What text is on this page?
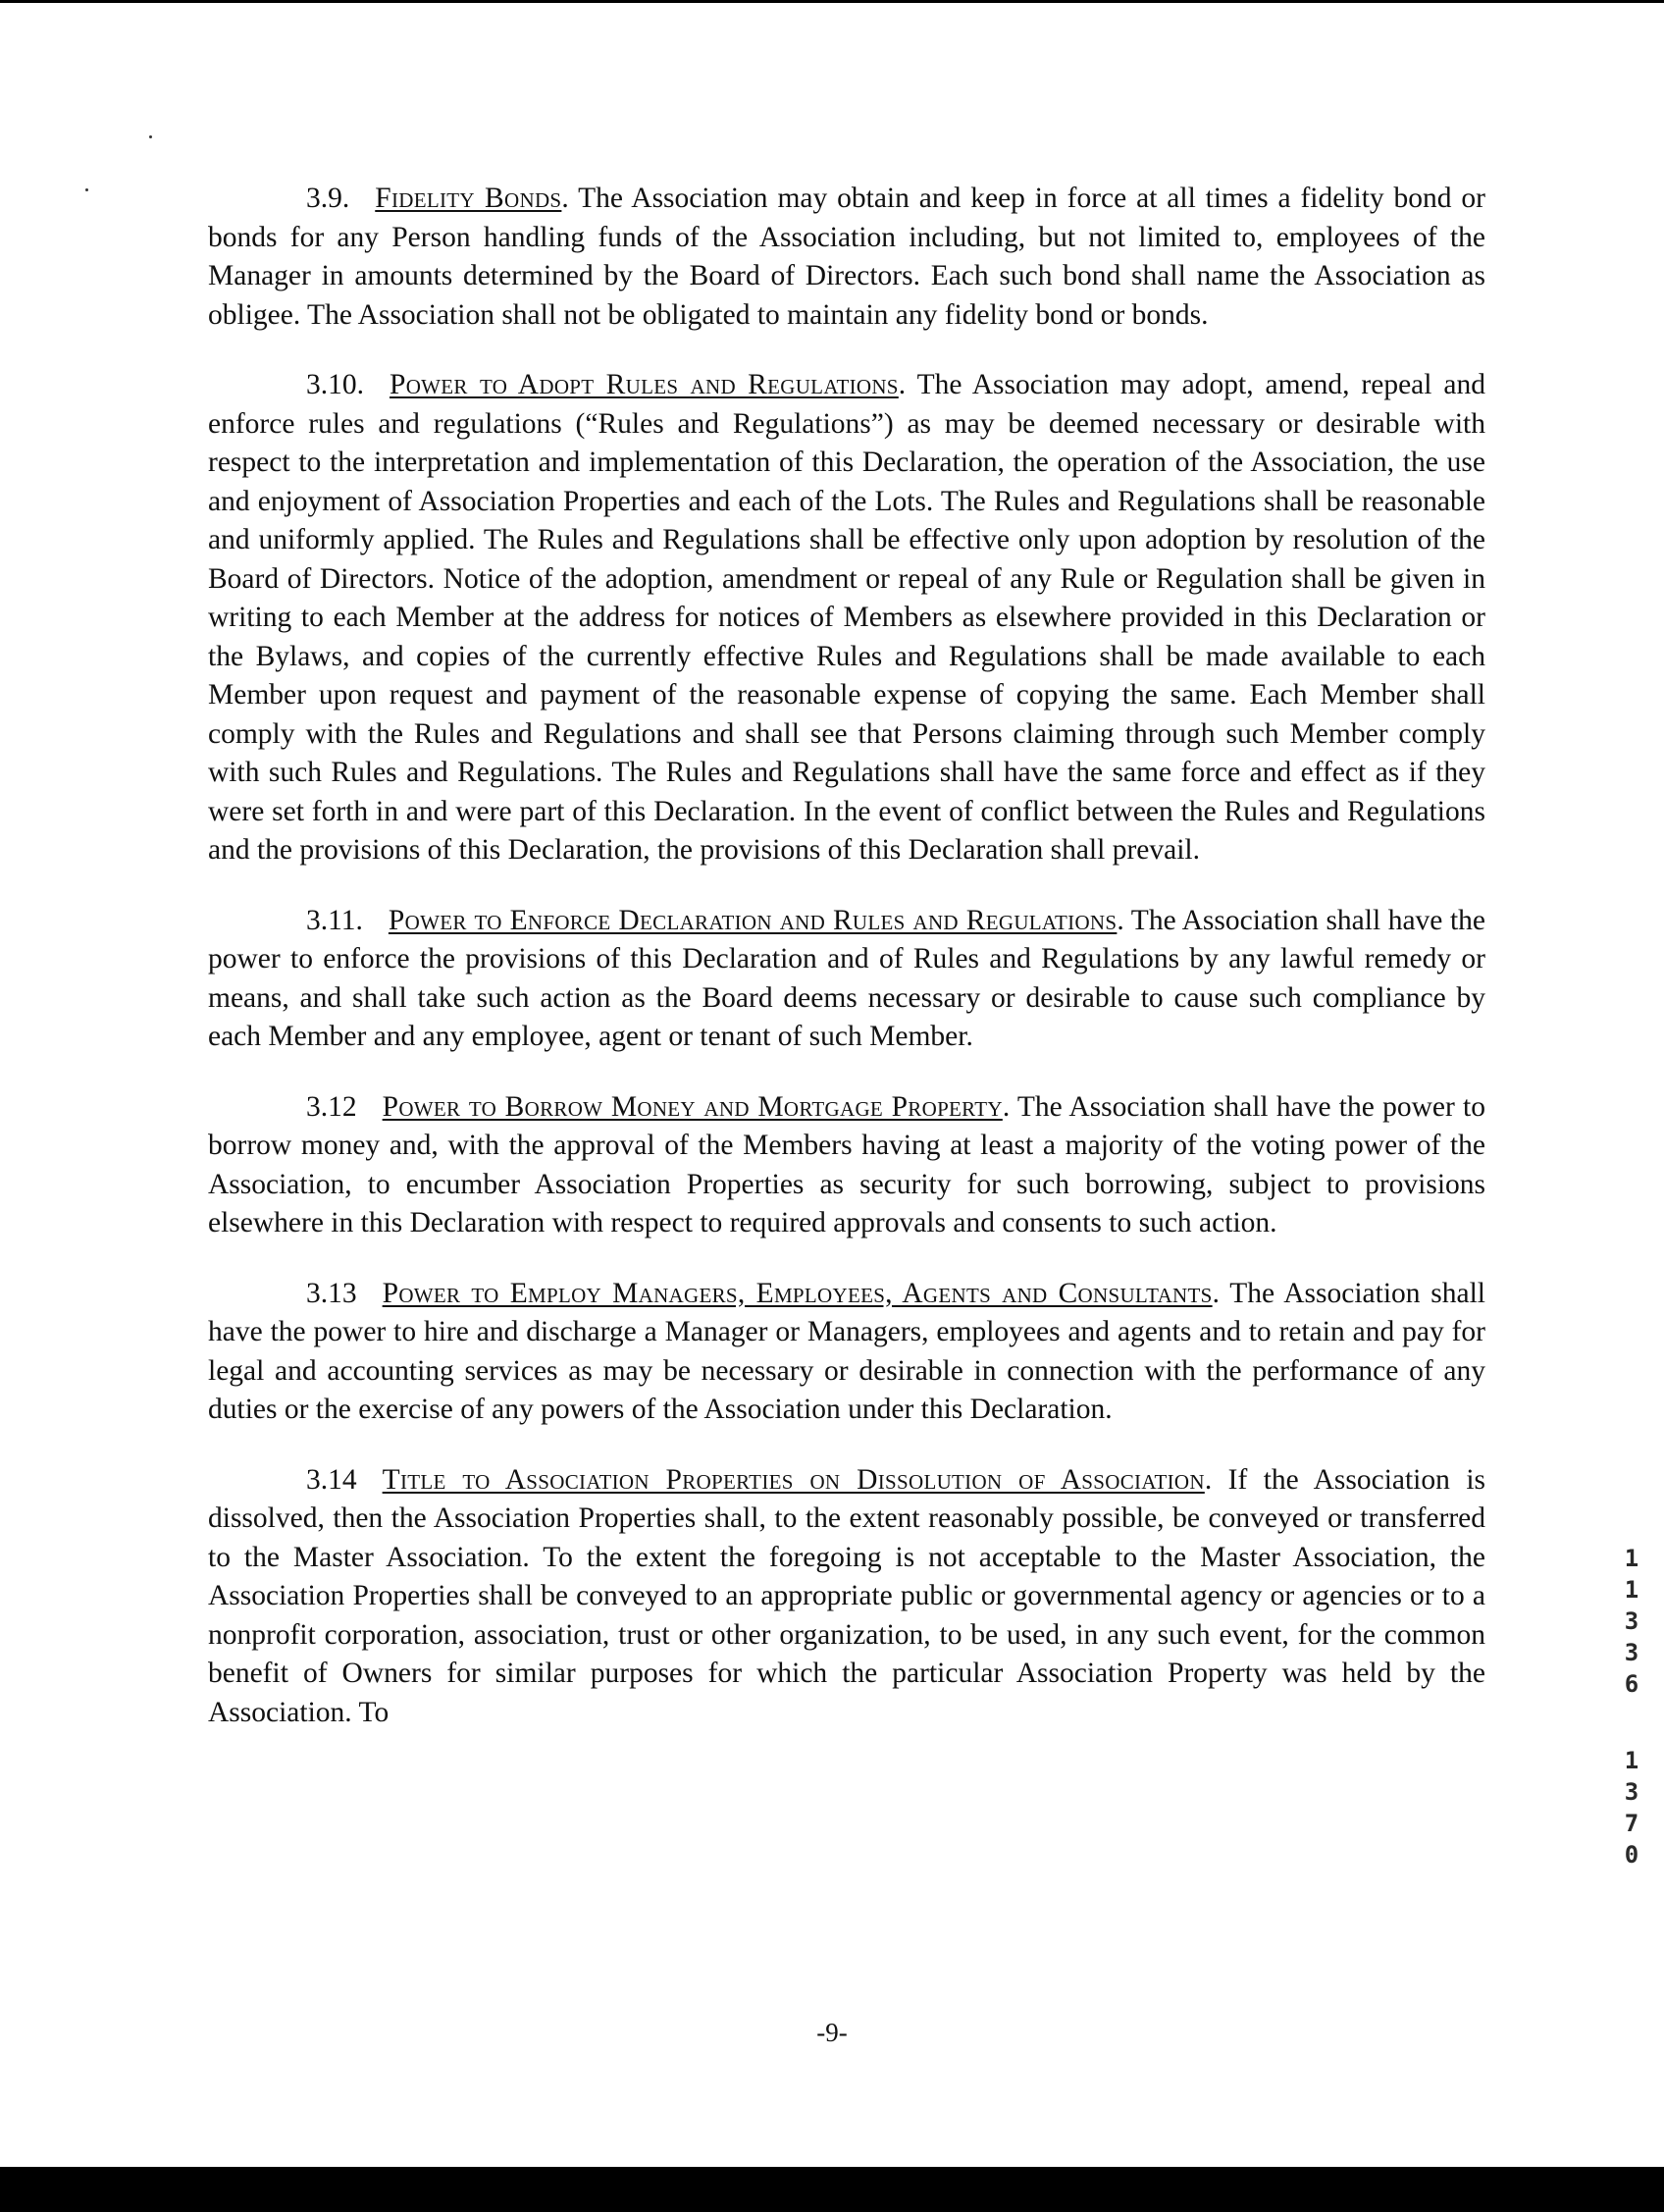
3.9. Fidelity Bonds. The Association may obtain and keep in force at all times a fidelity bond or bonds for any Person handling funds of the Association including, but not limited to, employees of the Manager in amounts determined by the Board of Directors. Each such bond shall name the Association as obligee. The Association shall not be obligated to maintain any fidelity bond or bonds.

3.10. Power to Adopt Rules and Regulations. The Association may adopt, amend, repeal and enforce rules and regulations (“Rules and Regulations”) as may be deemed necessary or desirable with respect to the interpretation and implementation of this Declaration, the operation of the Association, the use and enjoyment of Association Properties and each of the Lots. The Rules and Regulations shall be reasonable and uniformly applied. The Rules and Regulations shall be effective only upon adoption by resolution of the Board of Directors. Notice of the adoption, amendment or repeal of any Rule or Regulation shall be given in writing to each Member at the address for notices of Members as elsewhere provided in this Declaration or the Bylaws, and copies of the currently effective Rules and Regulations shall be made available to each Member upon request and payment of the reasonable expense of copying the same. Each Member shall comply with the Rules and Regulations and shall see that Persons claiming through such Member comply with such Rules and Regulations. The Rules and Regulations shall have the same force and effect as if they were set forth in and were part of this Declaration. In the event of conflict between the Rules and Regulations and the provisions of this Declaration, the provisions of this Declaration shall prevail.

3.11. Power to Enforce Declaration and Rules and Regulations. The Association shall have the power to enforce the provisions of this Declaration and of Rules and Regulations by any lawful remedy or means, and shall take such action as the Board deems necessary or desirable to cause such compliance by each Member and any employee, agent or tenant of such Member.

3.12 Power to Borrow Money and Mortgage Property. The Association shall have the power to borrow money and, with the approval of the Members having at least a majority of the voting power of the Association, to encumber Association Properties as security for such borrowing, subject to provisions elsewhere in this Declaration with respect to required approvals and consents to such action.

3.13 Power to Employ Managers, Employees, Agents and Consultants. The Association shall have the power to hire and discharge a Manager or Managers, employees and agents and to retain and pay for legal and accounting services as may be necessary or desirable in connection with the performance of any duties or the exercise of any powers of the Association under this Declaration.

3.14 Title to Association Properties on Dissolution of Association. If the Association is dissolved, then the Association Properties shall, to the extent reasonably possible, be conveyed or transferred to the Master Association. To the extent the foregoing is not acceptable to the Master Association, the Association Properties shall be conveyed to an appropriate public or governmental agency or agencies or to a nonprofit corporation, association, trust or other organization, to be used, in any such event, for the common benefit of Owners for similar purposes for which the particular Association Property was held by the Association. To

1
1
3
3
6
1
3
7
0
-9-
